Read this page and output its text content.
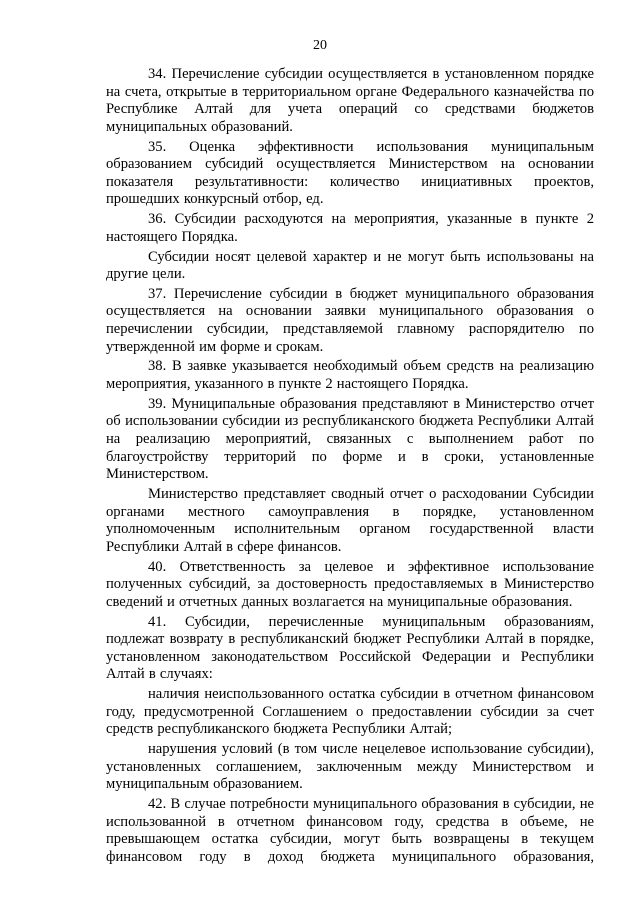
20

34. Перечисление субсидии осуществляется в установленном порядке на счета, открытые в территориальном органе Федерального казначейства по Республике Алтай для учета операций со средствами бюджетов муниципальных образований.

35. Оценка эффективности использования муниципальным образованием субсидий осуществляется Министерством на основании показателя результативности: количество инициативных проектов, прошедших конкурсный отбор, ед.

36. Субсидии расходуются на мероприятия, указанные в пункте 2 настоящего Порядка.

Субсидии носят целевой характер и не могут быть использованы на другие цели.

37. Перечисление субсидии в бюджет муниципального образования осуществляется на основании заявки муниципального образования о перечислении субсидии, представляемой главному распорядителю по утвержденной им форме и срокам.

38. В заявке указывается необходимый объем средств на реализацию мероприятия, указанного в пункте 2 настоящего Порядка.

39. Муниципальные образования представляют в Министерство отчет об использовании субсидии из республиканского бюджета Республики Алтай на реализацию мероприятий, связанных с выполнением работ по благоустройству территорий по форме и в сроки, установленные Министерством.

Министерство представляет сводный отчет о расходовании Субсидии органами местного самоуправления в порядке, установленном уполномоченным исполнительным органом государственной власти Республики Алтай в сфере финансов.

40. Ответственность за целевое и эффективное использование полученных субсидий, за достоверность предоставляемых в Министерство сведений и отчетных данных возлагается на муниципальные образования.

41. Субсидии, перечисленные муниципальным образованиям, подлежат возврату в республиканский бюджет Республики Алтай в порядке, установленном законодательством Российской Федерации и Республики Алтай в случаях:

наличия неиспользованного остатка субсидии в отчетном финансовом году, предусмотренной Соглашением о предоставлении субсидии за счет средств республиканского бюджета Республики Алтай;

нарушения условий (в том числе нецелевое использование субсидии), установленных соглашением, заключенным между Министерством и муниципальным образованием.

42. В случае потребности муниципального образования в субсидии, не использованной в отчетном финансовом году, средства в объеме, не превышающем остатка субсидии, могут быть возвращены в текущем финансовом году в доход бюджета муниципального образования,
